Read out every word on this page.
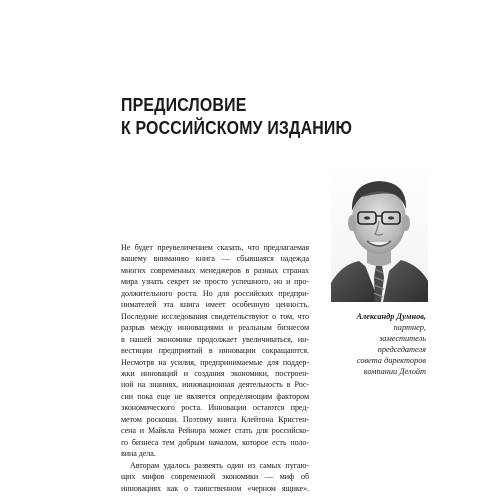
ПРЕДИСЛОВИЕ
К РОССИЙСКОМУ ИЗДАНИЮ
Александр Думнов,
партнер,
заместитель
председателя
совета директоров
компании Делойт
Не будет преувеличением сказать, что предлагаемая
вашему вниманию книга — сбывшаяся надежда
многих современных менеджеров в разных странах
мира узнать секрет не просто успешного, но и про-
должительного роста. Но для российских предпри-
нимателей эта книга имеет особенную ценность.
Последние исследования свидетельствуют о том, что
разрыв между инновациями и реальным бизнесом
в нашей экономике продолжает увеличиваться, ин-
вестиции предприятий в инновации сокращаются.
Несмотря на усилия, предпринимаемые для поддер-
жки инноваций и создания экономики, построен-
ной на знаниях, инновационная деятельность в Рос-
сии пока еще не является определяющим фактором
экономического роста. Инновации остаются пред-
метом роскоши. Поэтому книга Клейтона Кристен-
сена и Майкла Рейнора может стать для российско-
го бизнеса тем добрым началом, которое есть поло-
вина дела.
Авторам удалось развеять один из самых пугаю-
щих мифов современной экономики — миф об
инновациях как о таинственном «черном ящике».
